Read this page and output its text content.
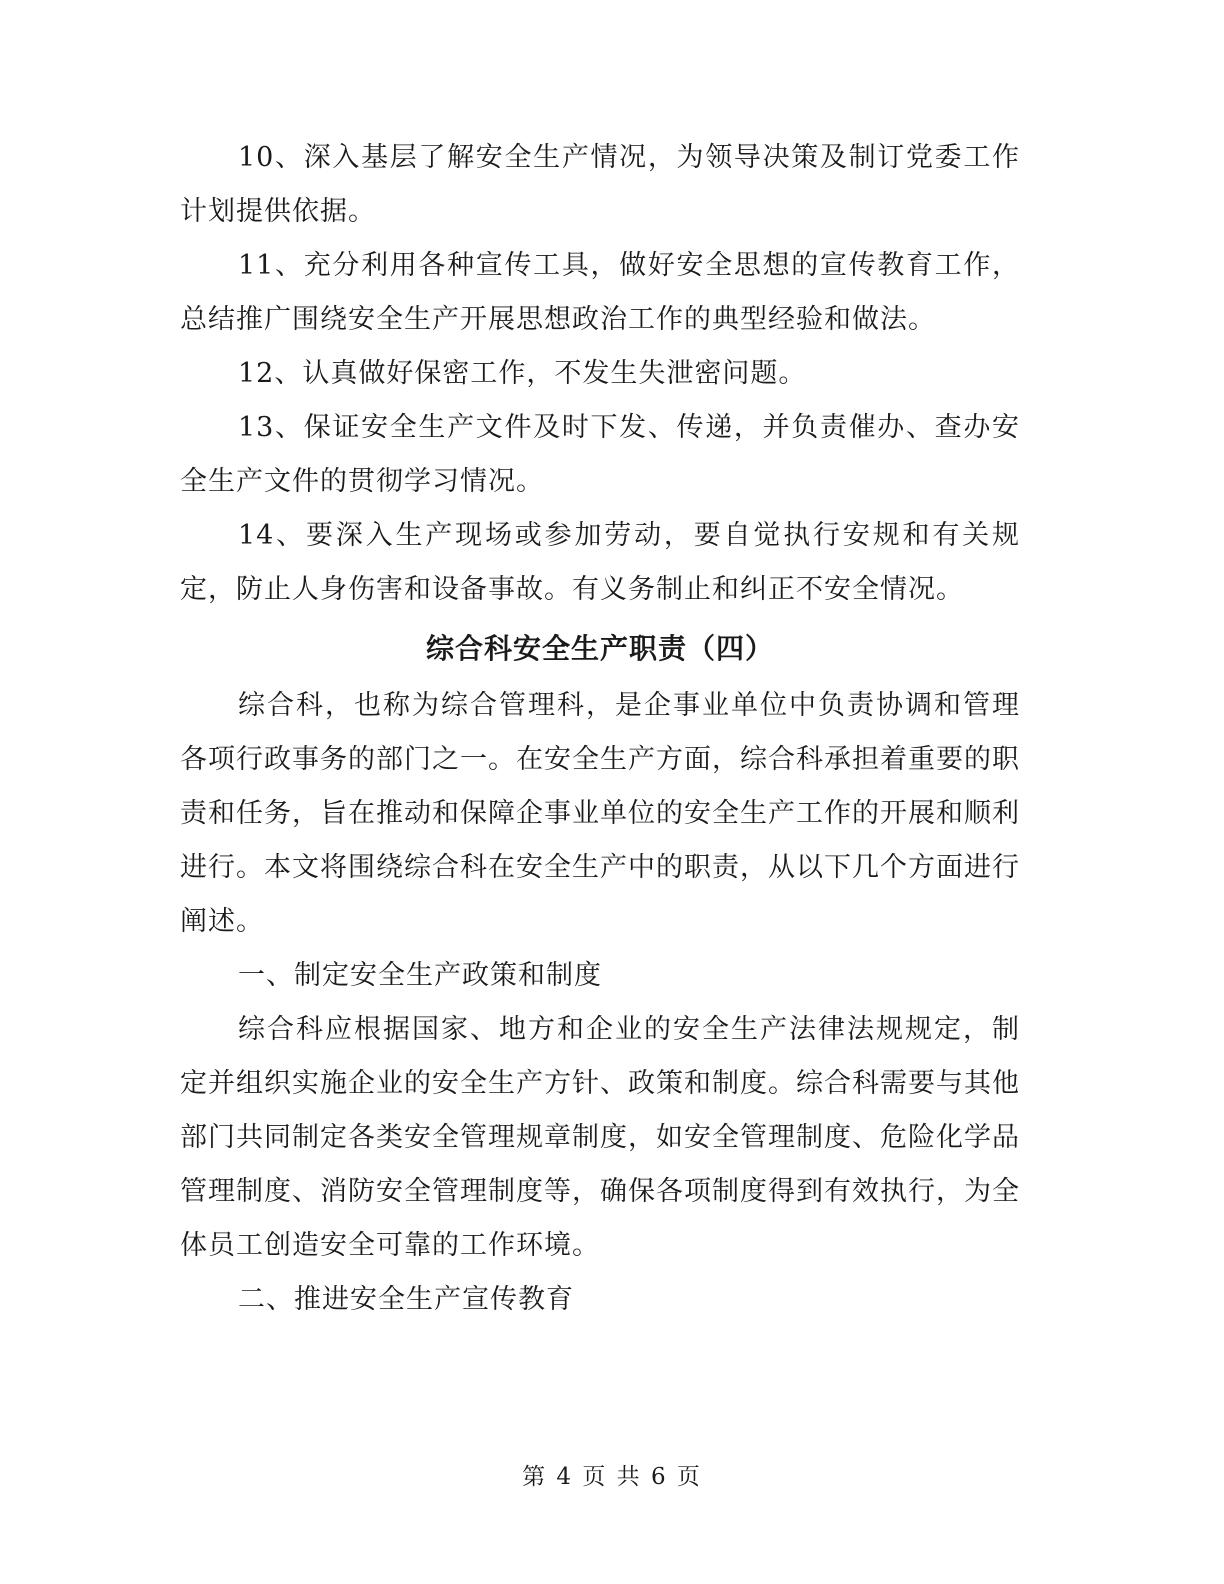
10、深入基层了解安全生产情况，为领导决策及制订党委工作计划提供依据。

11、充分利用各种宣传工具，做好安全思想的宣传教育工作，总结推广围绕安全生产开展思想政治工作的典型经验和做法。

12、认真做好保密工作，不发生失泄密问题。

13、保证安全生产文件及时下发、传递，并负责催办、查办安全生产文件的贯彻学习情况。

14、要深入生产现场或参加劳动，要自觉执行安规和有关规定，防止人身伤害和设备事故。有义务制止和纠正不安全情况。

综合科安全生产职责（四）

综合科，也称为综合管理科，是企事业单位中负责协调和管理各项行政事务的部门之一。在安全生产方面，综合科承担着重要的职责和任务，旨在推动和保障企事业单位的安全生产工作的开展和顺利进行。本文将围绕综合科在安全生产中的职责，从以下几个方面进行阐述。

一、制定安全生产政策和制度

综合科应根据国家、地方和企业的安全生产法律法规规定，制定并组织实施企业的安全生产方针、政策和制度。综合科需要与其他部门共同制定各类安全管理规章制度，如安全管理制度、危险化学品管理制度、消防安全管理制度等，确保各项制度得到有效执行，为全体员工创造安全可靠的工作环境。

二、推进安全生产宣传教育

第 4 页 共 6 页
